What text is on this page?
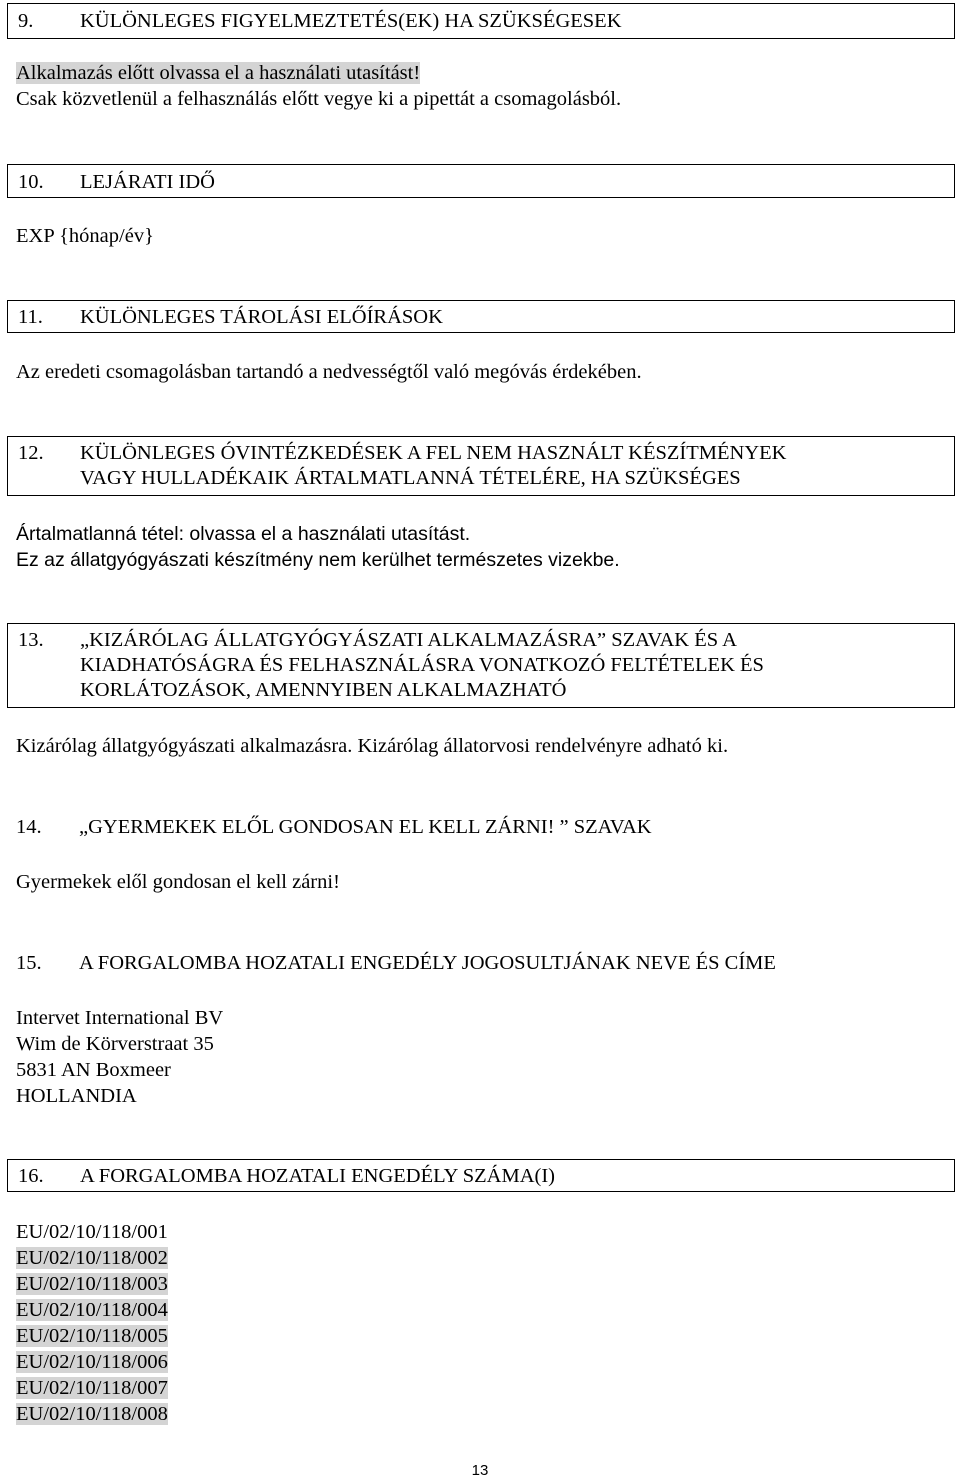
9. KÜLÖNLEGES FIGYELMEZTETÉS(EK) HA SZÜKSÉGESEK
Alkalmazás előtt olvassa el a használati utasítást!
Csak közvetlenül a felhasználás előtt vegye ki a pipettát a csomagolásból.
10. LEJÁRATI IDŐ
EXP {hónap/év}
11. KÜLÖNLEGES TÁROLÁSI ELŐÍRÁSOK
Az eredeti csomagolásban tartandó a nedvességtől való megóvás érdekében.
12. KÜLÖNLEGES ÓVINTÉZKEDÉSEK A FEL NEM HASZNÁLT KÉSZÍTMÉNYEK
VAGY HULLADÉKAIK ÁRTALMATLANNÁ TÉTELÉRE, HA SZÜKSÉGES
Ártalmatlanná tétel: olvassa el a használati utasítást.
Ez az állatgyógyászati készítmény nem kerülhet természetes vizekbe.
13. „KIZÁRÓLAG ÁLLATGYÓGYÁSZATI ALKALMAZÁSRA” SZAVAK ÉS A
KIADHATÓSÁGRA ÉS FELHASZNÁLÁSRA VONATKOZÓ FELTÉTELEK ÉS
KORLÁTOZÁSOK, AMENNYIBEN ALKALMAZHATÓ
Kizárólag állatgyógyászati alkalmazásra. Kizárólag állatorvosi rendelvényre adható ki.
14. „GYERMEKEK ELŐL GONDOSAN EL KELL ZÁRNI! ” SZAVAK
Gyermekek elől gondosan el kell zárni!
15. A FORGALOMBA HOZATALI ENGEDÉLY JOGOSULTJÁNAK NEVE ÉS CÍME
Intervet International BV
Wim de Körverstraat 35
5831 AN Boxmeer
HOLLANDIA
16. A FORGALOMBA HOZATALI ENGEDÉLY SZÁMA(I)
EU/02/10/118/001
EU/02/10/118/002
EU/02/10/118/003
EU/02/10/118/004
EU/02/10/118/005
EU/02/10/118/006
EU/02/10/118/007
EU/02/10/118/008
13
